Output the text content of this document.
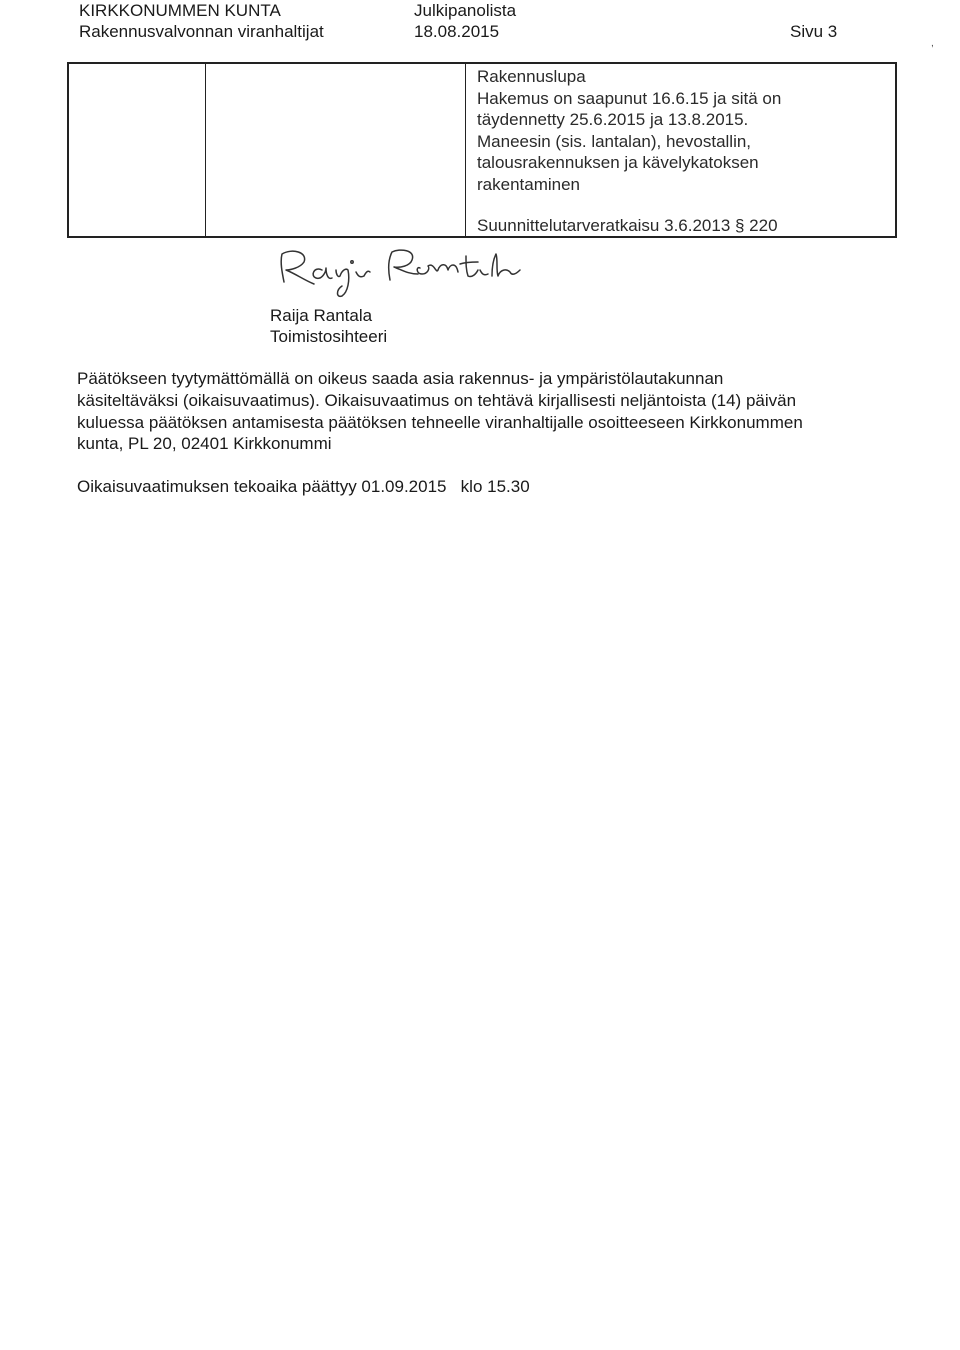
KIRKKONUMMEN KUNTA
Rakennusvalvonnan viranhaltijat
Julkipanolista
18.08.2015	Sivu 3
,
Rakennuslupa
Hakemus on saapunut 16.6.15 ja sitä on
täydennetty 25.6.2015 ja 13.8.2015.
Maneesin (sis. lantalan), hevostallin,
talousrakennuksen ja kävelykatoksen
rakentaminen
Suunnittelutarveratkaisu 3.6.2013 § 220
Raija Rantala
Toimistosihteeri
Päätökseen tyytymättömällä on oikeus saada asia rakennus- ja ympäristölautakunnan
käsiteltäväksi (oikaisuvaatimus). Oikaisuvaatimus on tehtävä kirjallisesti neljäntoista (14) päivän
kuluessa päätöksen antamisesta päätöksen tehneelle viranhaltijalle osoitteeseen Kirkkonummen
kunta, PL 20, 02401 Kirkkonummi
Oikaisuvaatimuksen tekoaika päättyy 01.09.2015   klo 15.30
